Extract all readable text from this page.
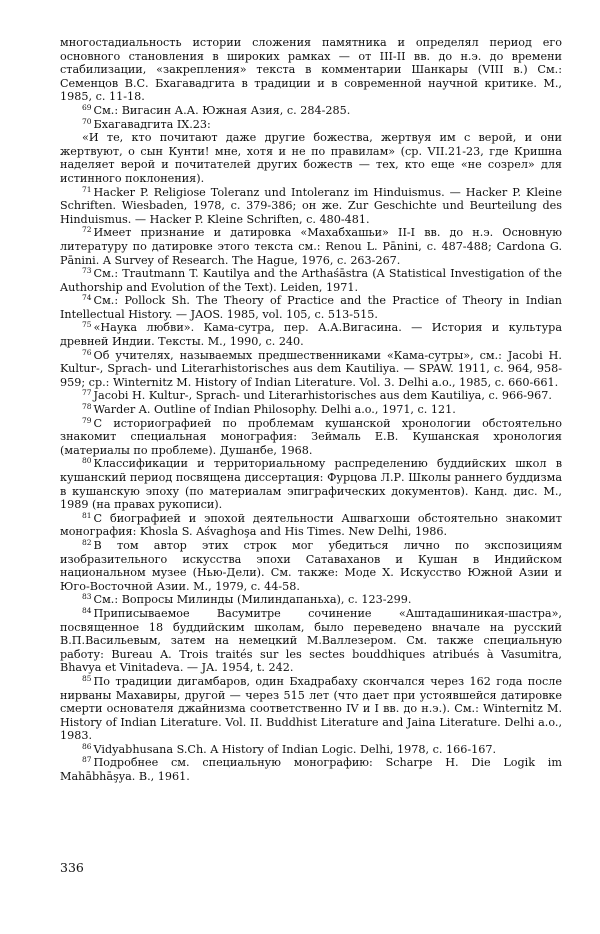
многостадиальность истории сложения памятника и определял период его основного становления в широких рамках — от III-II вв. до н.э. до времени стабилизации, «закрепления» текста в комментарии Шанкары (VIII в.) Cм.: Семенцов В.С. Бхагавадгита в традиции и в современной научной критике. М., 1985, с. 11-18.

$^{69}$ См.: Вигасин А.А. Южная Азия, с. 284-285.

$^{70}$ Бхагавадгита IX.23:

«И те, кто почитают даже другие божества, жертвуя им с верой, и они жертвуют, о сын Кунти! мне, хотя и не по правилам» (ср. VII.21-23, где Кришна наделяет верой и почитателей других божеств — тех, кто еще «не созрел» для истинного поклонения).

$^{71}$ Hacker P. Religiose Toleranz und Intoleranz im Hinduismus. — Hacker P. Kleine Schriften. Wiesbaden, 1978, c. 379-386; он же. Zur Geschichte und Beurteilung des Hinduismus. — Hacker P. Kleine Schriften, c. 480-481.

$^{72}$ Имеет признание и датировка «Махабхашьи» II-I вв. до н.э. Основную литературу по датировке этого текста см.: Renou L. Pānini, c. 487-488; Cardona G. Pānini. A Survey of Research. The Hague, 1976, c. 263-267.

$^{73}$ См.: Trautmann T. Kautilya and the Arthaśāstra (A Statistical Investigation of the Authorship and Evolution of the Text). Leiden, 1971.

$^{74}$ См.: Pollock Sh. The Theory of Practice and the Practice of Theory in Indian Intellectual History. — JAOS. 1985, vol. 105, c. 513-515.

$^{75}$ «Наука любви». Кама-сутра, пер. А.А.Вигасина. — История и культура древней Индии. Тексты. М., 1990, с. 240.

$^{76}$ Об учителях, называемых предшественниками «Кама-сутры», см.: Jacobi H. Kultur-, Sprach- und Literarhistorisches aus dem Kautiliya. — SPAW. 1911, c. 964, 958-959; ср.: Winternitz M. History of Indian Literature. Vol. 3. Delhi a.o., 1985, c. 660-661.

$^{77}$ Jacobi H. Kultur-, Sprach- und Literarhistorisches aus dem Kautiliya, c. 966-967.

$^{78}$ Warder A. Outline of Indian Philosophy. Delhi a.o., 1971, c. 121.

$^{79}$ С историографией по проблемам кушанской хронологии обстоятельно знакомит специальная монография: Зеймаль Е.В. Кушанская хронология (материалы по проблеме). Душанбе, 1968.

$^{80}$ Классификации и территориальному распределению буддийских школ в кушанский период посвящена диссертация: Фурцова Л.Р. Школы раннего буддизма в кушанскую эпоху (по материалам эпиграфических документов). Канд. дис. М., 1989 (на правах рукописи).

$^{81}$ С биографией и эпохой деятельности Ашвагхоши обстоятельно знакомит монография: Khosla S. Aśvaghoşa and His Times. New Delhi, 1986.

$^{82}$ В том автор этих строк мог убедиться лично по экспозициям изобразительного искусства эпохи Сатаваханов и Кушан в Индийском национальном музее (Нью-Дели). См. также: Моде Х. Искусство Южной Азии и Юго-Восточной Азии. М., 1979, с. 44-58.

$^{83}$ См.: Вопросы Милинды (Милиндапаньха), с. 123-299.

$^{84}$ Приписываемое Васумитре сочинение «Аштадашиникая-шастра», посвященное 18 буддийским школам, было переведено вначале на русский В.П.Васильевым, затем на немецкий М.Валлезером. См. также специальную работу: Bureau A. Trois traités sur les sectes bouddhiques atribués à Vasumitra, Bhavya et Vinitadeva. — JA. 1954, t. 242.

$^{85}$ По традиции дигамбаров, один Бхадрабаху скончался через 162 года после нирваны Махавиры, другой — через 515 лет (что дает при устоявшейся датировке смерти основателя джайнизма соответственно IV и I вв. до н.э.). См.: Winternitz M. History of Indian Literature. Vol. II. Buddhist Literature and Jaina Literature. Delhi a.o., 1983.

$^{86}$ Vidyabhusana S.Ch. A History of Indian Logic. Delhi, 1978, c. 166-167.

$^{87}$ Подробнее см. специальную монографию: Scharpe H. Die Logik im Mahābhāşya. B., 1961.

336
